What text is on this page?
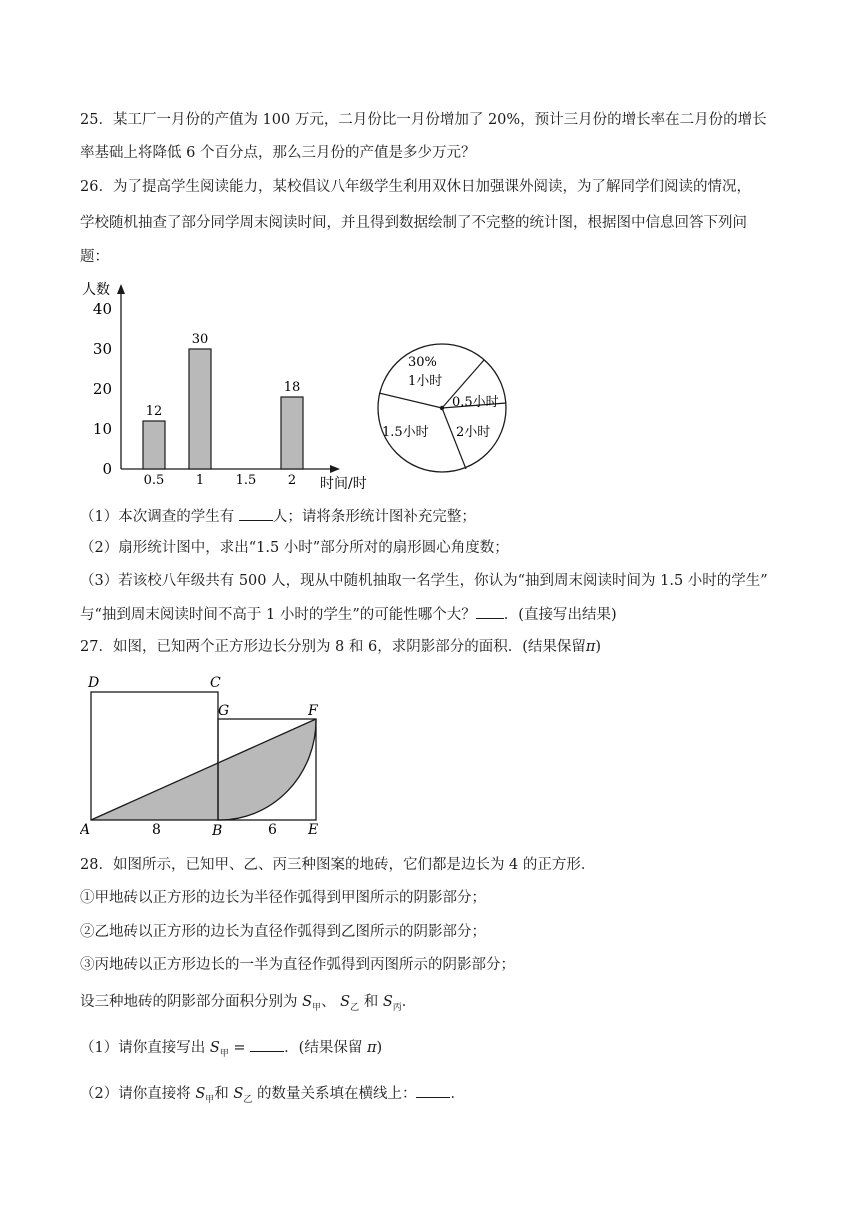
25．某工厂一月份的产值为 100 万元，二月份比一月份增加了 20%，预计三月份的增长率在二月份的增长
率基础上将降低 6 个百分点，那么三月份的产值是多少万元？
26．为了提高学生阅读能力，某校倡议八年级学生利用双休日加强课外阅读，为了解同学们阅读的情况，
学校随机抽查了部分同学周末阅读时间，并且得到数据绘制了不完整的统计图，根据图中信息回答下列问
题：
人数
时间/时
0
10
20
30
40
0.5
12
1
30
1.5 2
18
30%
1小时
0.5小时
2小时
1.5小时
（1）本次调查的学生有 人；请将条形统计图补充完整；
（2）扇形统计图中，求出“1.5 小时”部分所对的扇形圆心角度数；
（3）若该校八年级共有 500 人，现从中随机抽取一名学生，你认为“抽到周末阅读时间为 1.5 小时的学生”
与“抽到周末阅读时间不高于 1 小时的学生”的可能性哪个大？ ．(直接写出结果)
27．如图，已知两个正方形边长分别为 8 和 6，求阴影部分的面积．(结果保留π)
D	C
G	F
A	B	E
8	6
28．如图所示，已知甲、乙、丙三种图案的地砖，它们都是边长为 4 的正方形．
①甲地砖以正方形的边长为半径作弧得到甲图所示的阴影部分；
②乙地砖以正方形的边长为直径作弧得到乙图所示的阴影部分；
③丙地砖以正方形边长的一半为直径作弧得到丙图所示的阴影部分；
设三种地砖的阴影部分面积分别为 $S_甲$、 $S_乙$ 和 $S_丙$．
（1）请你直接写出 $S_甲$ = ．(结果保留 π)
（2）请你直接将 $S_甲$和 $S_乙$ 的数量关系填在横线上： ．
